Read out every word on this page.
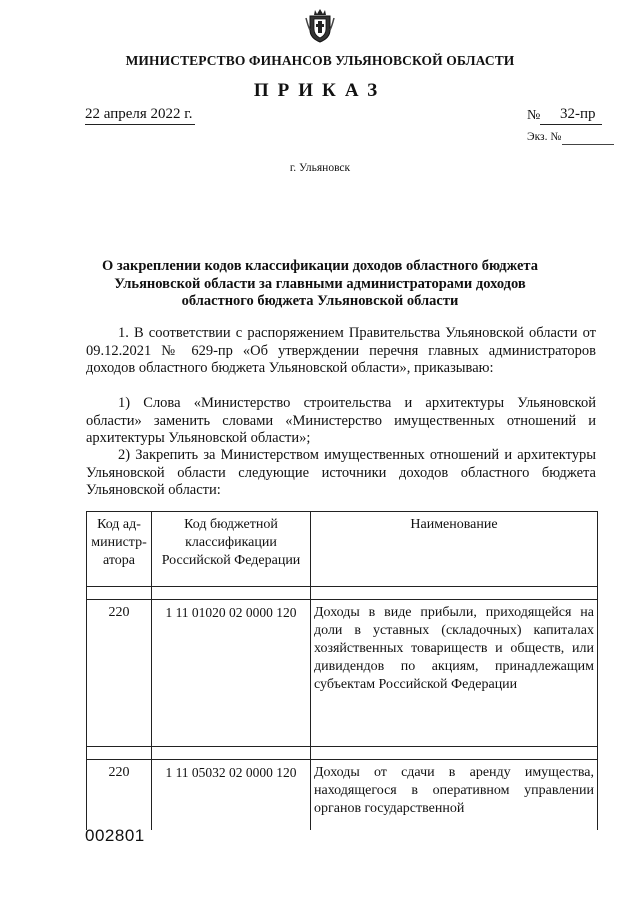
МИНИСТЕРСТВО ФИНАНСОВ УЛЬЯНОВСКОЙ ОБЛАСТИ
ПРИКАЗ
22 апреля 2022 г.	№ 32-пр
Экз. №
г. Ульяновск
О закреплении кодов классификации доходов областного бюджета Ульяновской области за главными администраторами доходов областного бюджета Ульяновской области

1. В соответствии с распоряжением Правительства Ульяновской области от 09.12.2021 № 629-пр «Об утверждении перечня главных администраторов доходов областного бюджета Ульяновской области», приказываю:

1) Слова «Министерство строительства и архитектуры Ульяновской области» заменить словами «Министерство имущественных отношений и архитектуры Ульяновской области»;

2) Закрепить за Министерством имущественных отношений и архитектуры Ульяновской области следующие источники доходов областного бюджета Ульяновской области:

Код ад-министр-атора	Код бюджетной классификации Российской Федерации	Наименование

220	1 11 01020 02 0000 120	Доходы в виде прибыли, приходящейся на доли в уставных (складочных) капиталах хозяйственных товариществ и обществ, или дивидендов по акциям, принадлежащим субъектам Российской Федерации

220	1 11 05032 02 0000 120	Доходы от сдачи в аренду имущества, находящегося в оперативном управлении органов государственной
002801
